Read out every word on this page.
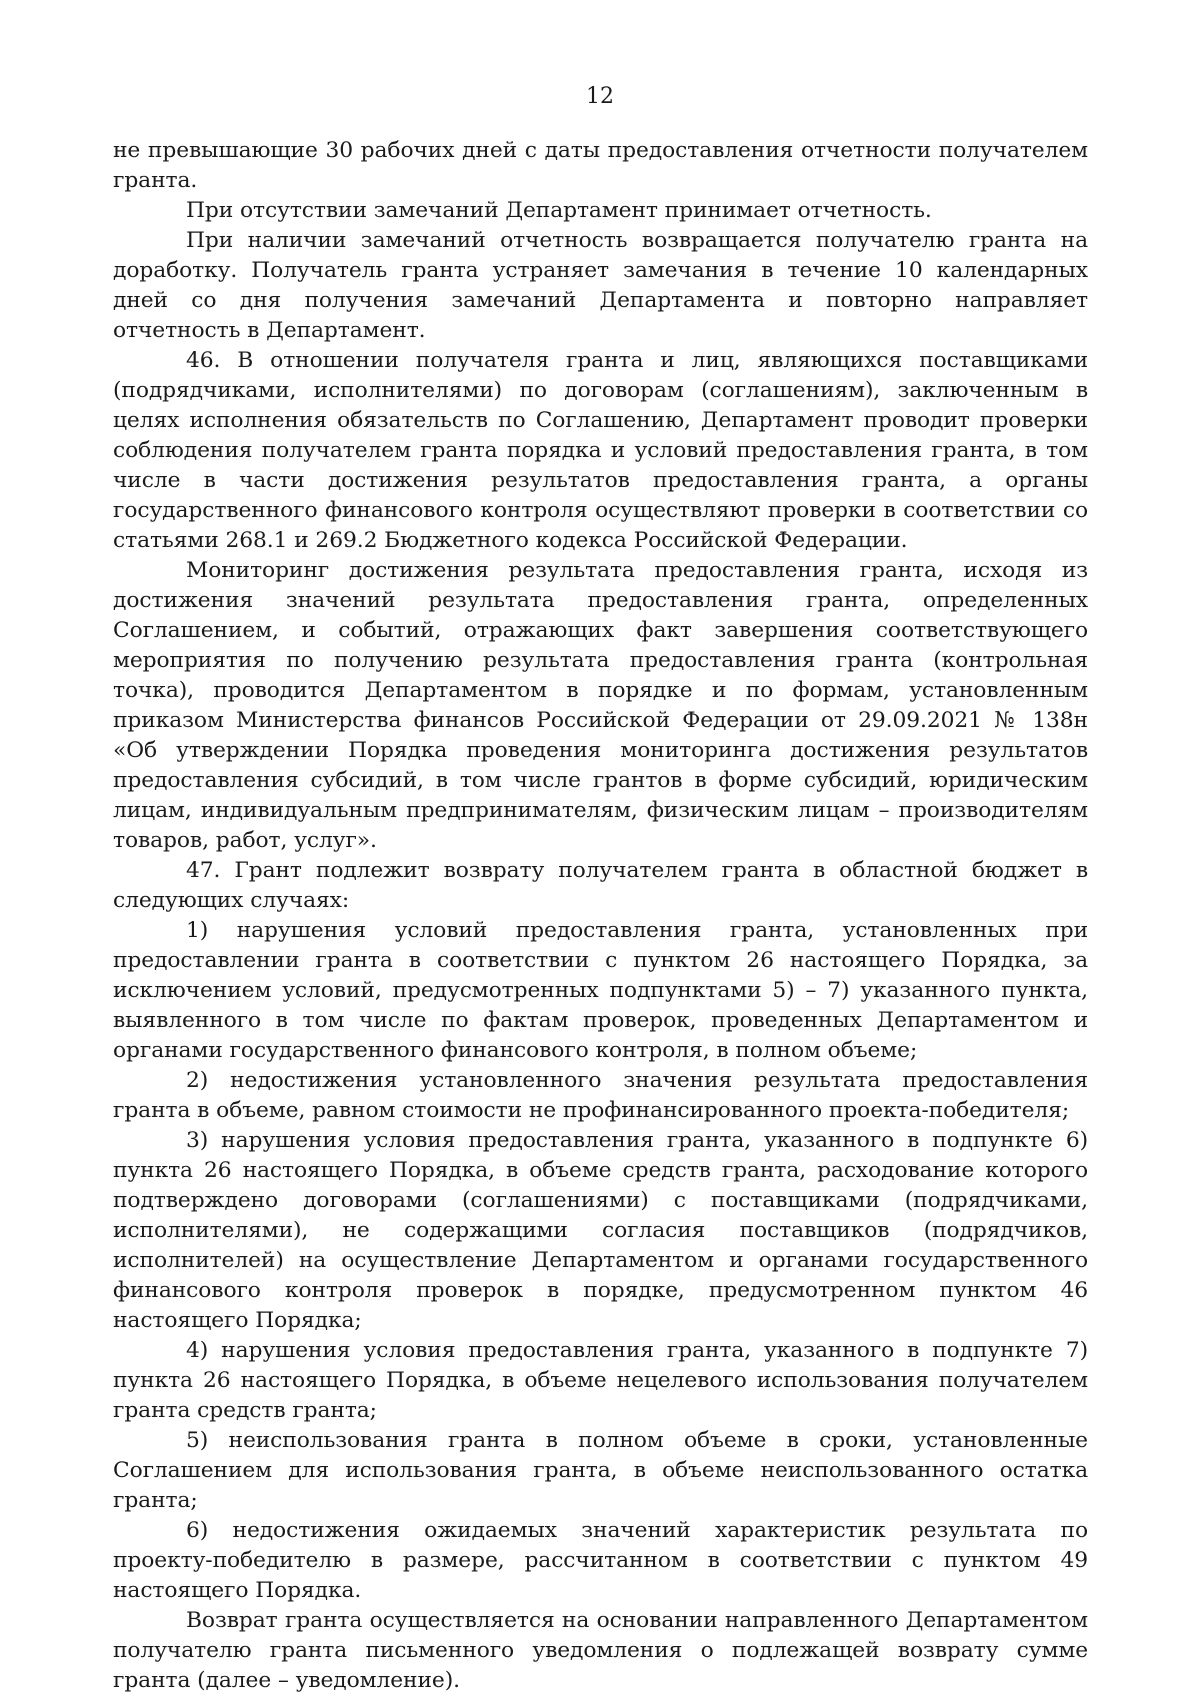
12

не превышающие 30 рабочих дней с даты предоставления отчетности получателем гранта.

При отсутствии замечаний Департамент принимает отчетность.

При наличии замечаний отчетность возвращается получателю гранта на доработку. Получатель гранта устраняет замечания в течение 10 календарных дней со дня получения замечаний Департамента и повторно направляет отчетность в Департамент.

46. В отношении получателя гранта и лиц, являющихся поставщиками (подрядчиками, исполнителями) по договорам (соглашениям), заключенным в целях исполнения обязательств по Соглашению, Департамент проводит проверки соблюдения получателем гранта порядка и условий предоставления гранта, в том числе в части достижения результатов предоставления гранта, а органы государственного финансового контроля осуществляют проверки в соответствии со статьями 268.1 и 269.2 Бюджетного кодекса Российской Федерации.

Мониторинг достижения результата предоставления гранта, исходя из достижения значений результата предоставления гранта, определенных Соглашением, и событий, отражающих факт завершения соответствующего мероприятия по получению результата предоставления гранта (контрольная точка), проводится Департаментом в порядке и по формам, установленным приказом Министерства финансов Российской Федерации от 29.09.2021 № 138н «Об утверждении Порядка проведения мониторинга достижения результатов предоставления субсидий, в том числе грантов в форме субсидий, юридическим лицам, индивидуальным предпринимателям, физическим лицам – производителям товаров, работ, услуг».

47. Грант подлежит возврату получателем гранта в областной бюджет в следующих случаях:

1) нарушения условий предоставления гранта, установленных при предоставлении гранта в соответствии с пунктом 26 настоящего Порядка, за исключением условий, предусмотренных подпунктами 5) – 7) указанного пункта, выявленного в том числе по фактам проверок, проведенных Департаментом и органами государственного финансового контроля, в полном объеме;

2) недостижения установленного значения результата предоставления гранта в объеме, равном стоимости не профинансированного проекта-победителя;

3) нарушения условия предоставления гранта, указанного в подпункте 6) пункта 26 настоящего Порядка, в объеме средств гранта, расходование которого подтверждено договорами (соглашениями) с поставщиками (подрядчиками, исполнителями), не содержащими согласия поставщиков (подрядчиков, исполнителей) на осуществление Департаментом и органами государственного финансового контроля проверок в порядке, предусмотренном пунктом 46 настоящего Порядка;

4) нарушения условия предоставления гранта, указанного в подпункте 7) пункта 26 настоящего Порядка, в объеме нецелевого использования получателем гранта средств гранта;

5) неиспользования гранта в полном объеме в сроки, установленные Соглашением для использования гранта, в объеме неиспользованного остатка гранта;

6) недостижения ожидаемых значений характеристик результата по проекту-победителю в размере, рассчитанном в соответствии с пунктом 49 настоящего Порядка.

Возврат гранта осуществляется на основании направленного Департаментом получателю гранта письменного уведомления о подлежащей возврату сумме гранта (далее – уведомление).
